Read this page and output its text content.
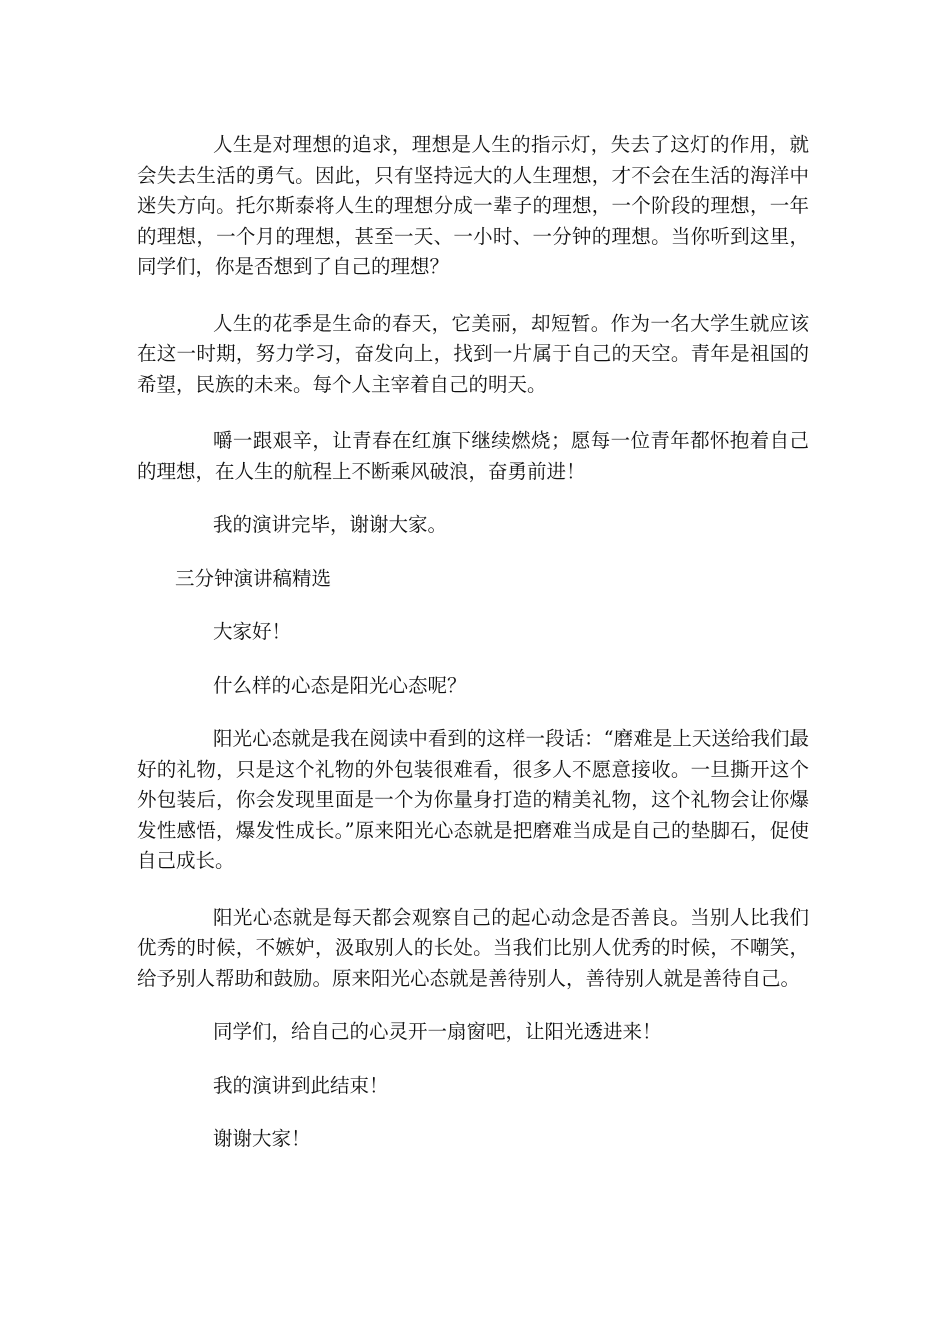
人生是对理想的追求，理想是人生的指示灯，失去了这灯的作用，就会失去生活的勇气。因此，只有坚持远大的人生理想，才不会在生活的海洋中迷失方向。托尔斯泰将人生的理想分成一辈子的理想，一个阶段的理想，一年的理想，一个月的理想，甚至一天、一小时、一分钟的理想。当你听到这里，同学们，你是否想到了自己的理想？

人生的花季是生命的春天，它美丽，却短暂。作为一名大学生就应该在这一时期，努力学习，奋发向上，找到一片属于自己的天空。青年是祖国的希望，民族的未来。每个人主宰着自己的明天。

嚼一跟艰辛，让青春在红旗下继续燃烧；愿每一位青年都怀抱着自己的理想，在人生的航程上不断乘风破浪，奋勇前进！

我的演讲完毕，谢谢大家。

三分钟演讲稿精选

大家好！

什么样的心态是阳光心态呢？

阳光心态就是我在阅读中看到的这样一段话：“磨难是上天送给我们最好的礼物，只是这个礼物的外包装很难看，很多人不愿意接收。一旦撕开这个外包装后，你会发现里面是一个为你量身打造的精美礼物，这个礼物会让你爆发性感悟，爆发性成长。”原来阳光心态就是把磨难当成是自己的垫脚石，促使自己成长。

阳光心态就是每天都会观察自己的起心动念是否善良。当别人比我们优秀的时候，不嫉妒，汲取别人的长处。当我们比别人优秀的时候，不嘲笑，给予别人帮助和鼓励。原来阳光心态就是善待别人，善待别人就是善待自己。

同学们，给自己的心灵开一扇窗吧，让阳光透进来！

我的演讲到此结束！

谢谢大家！
